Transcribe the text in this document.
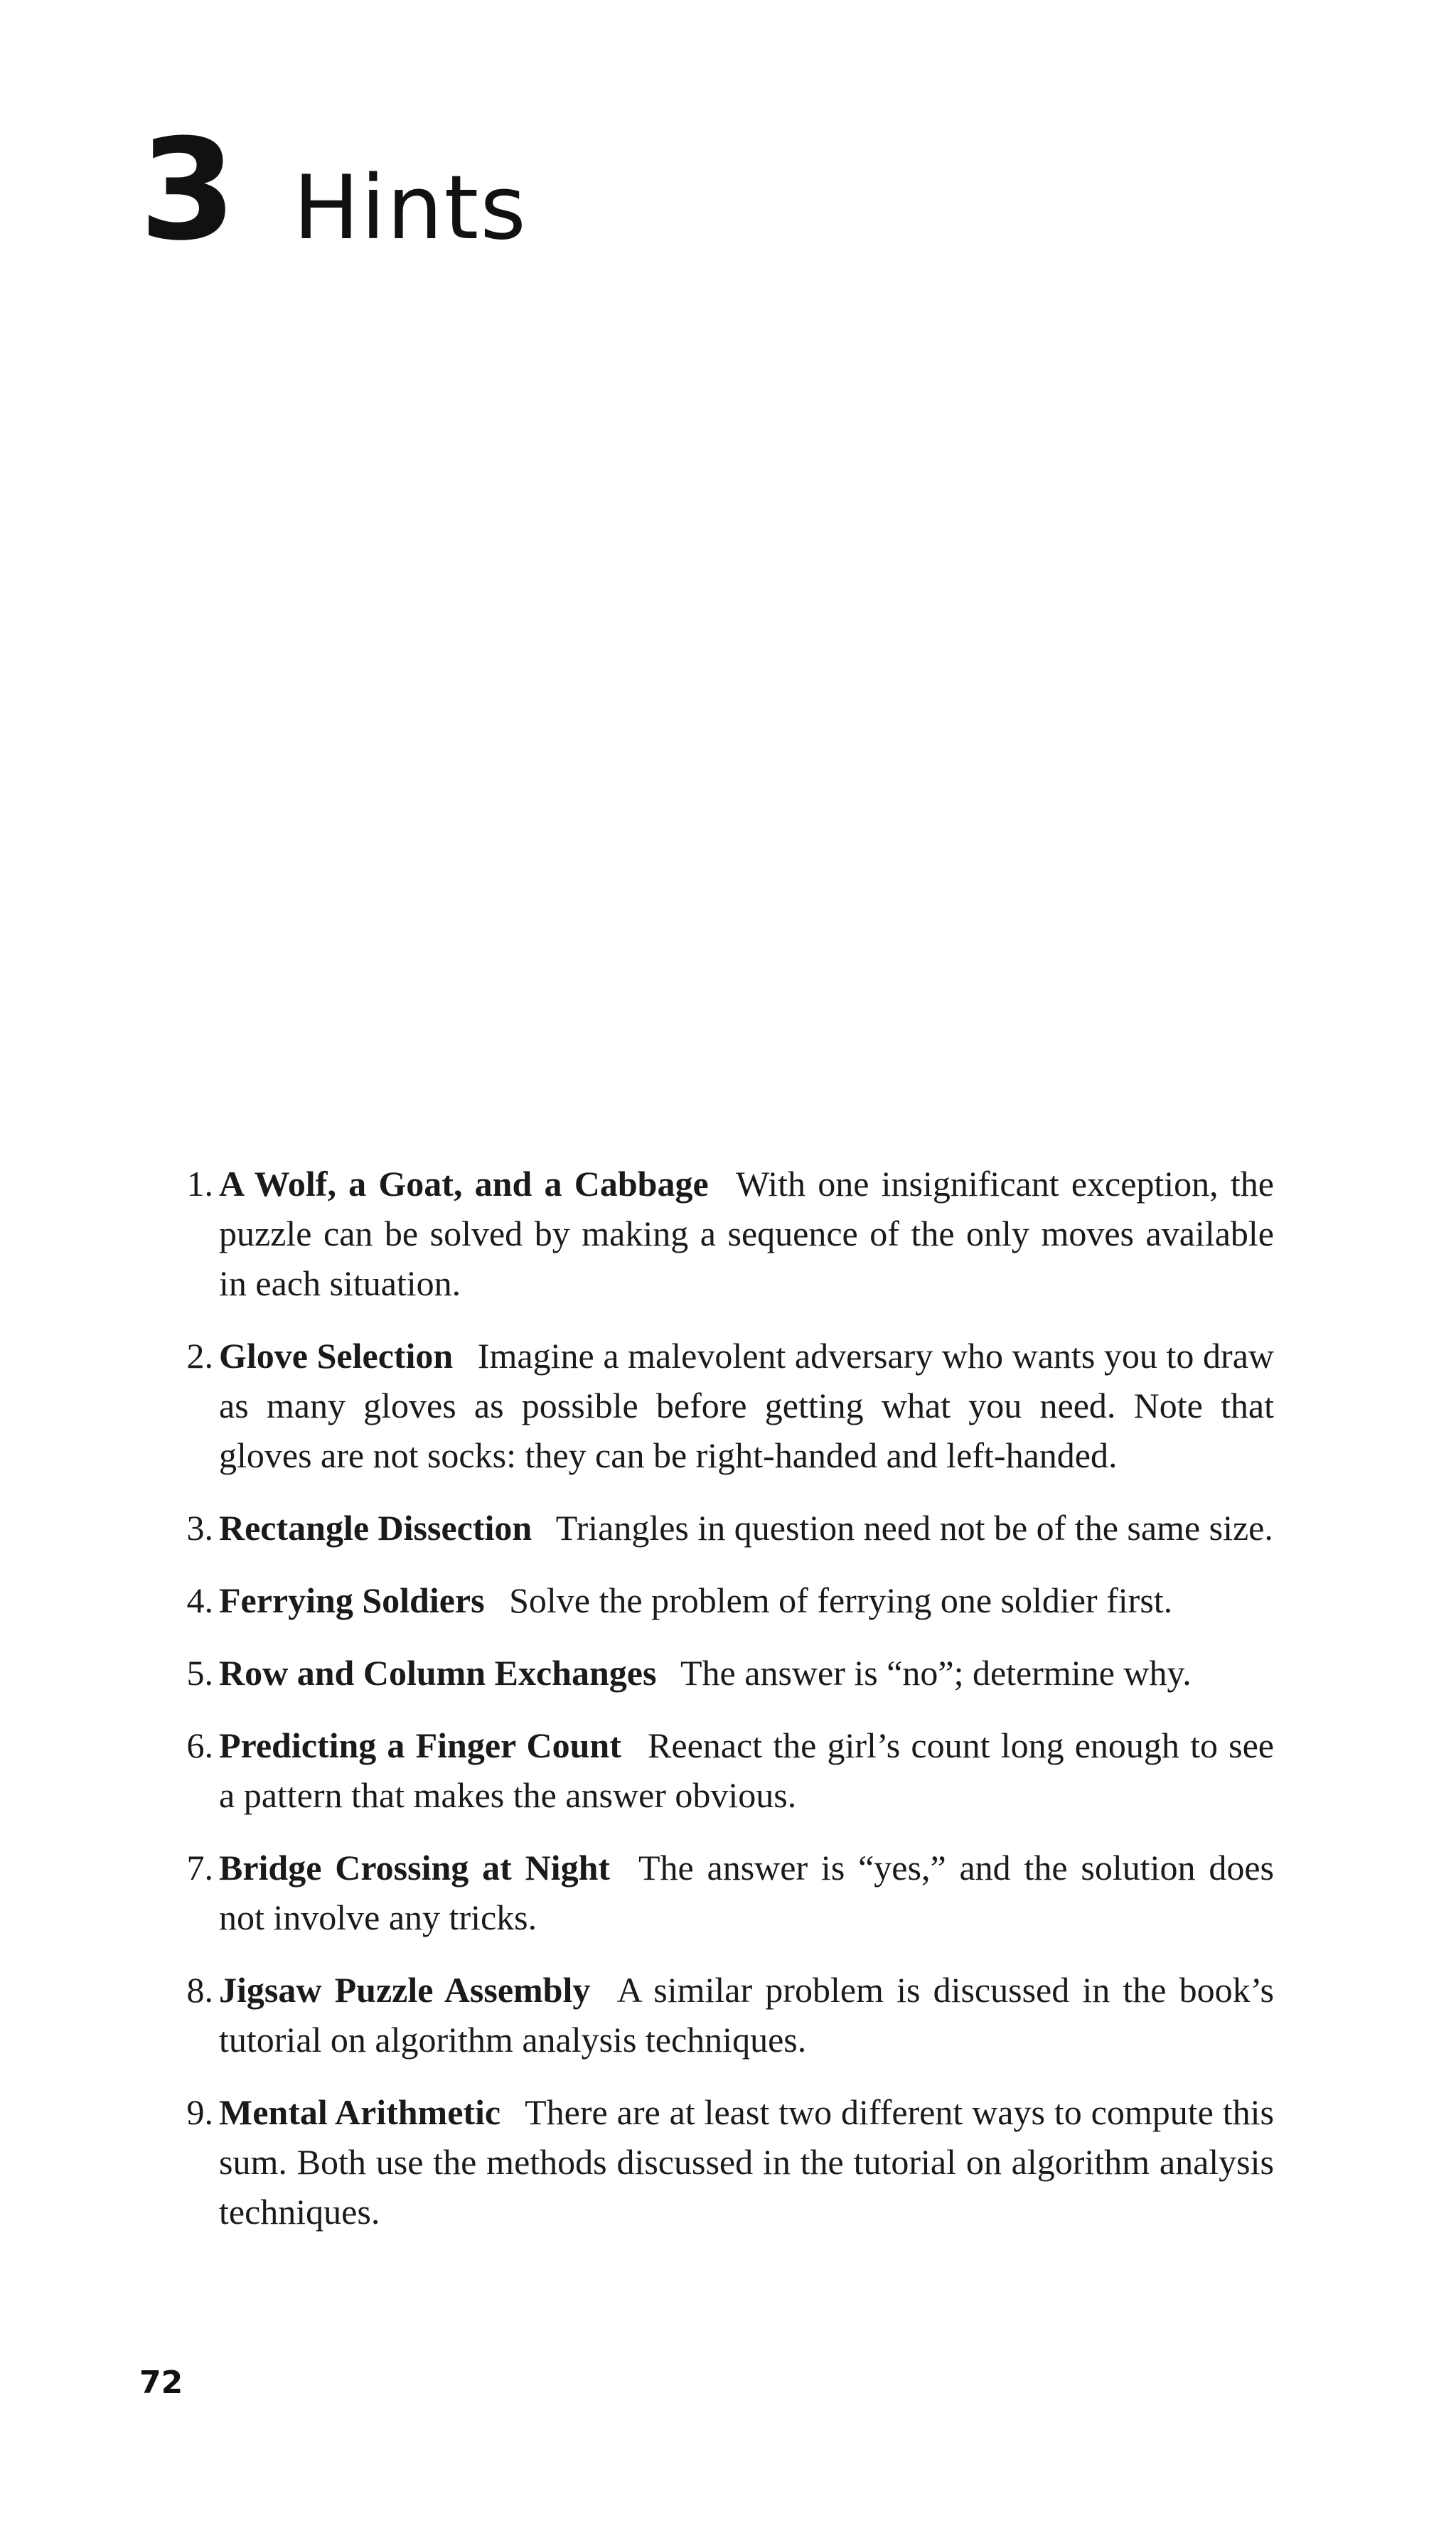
3 Hints
1. A Wolf, a Goat, and a Cabbage With one insignificant exception, the puzzle can be solved by making a sequence of the only moves available in each situation.
2. Glove Selection Imagine a malevolent adversary who wants you to draw as many gloves as possible before getting what you need. Note that gloves are not socks: they can be right-handed and left-handed.
3. Rectangle Dissection Triangles in question need not be of the same size.
4. Ferrying Soldiers Solve the problem of ferrying one soldier first.
5. Row and Column Exchanges The answer is “no”; determine why.
6. Predicting a Finger Count Reenact the girl’s count long enough to see a pattern that makes the answer obvious.
7. Bridge Crossing at Night The answer is “yes,” and the solution does not involve any tricks.
8. Jigsaw Puzzle Assembly A similar problem is discussed in the book’s tutorial on algorithm analysis techniques.
9. Mental Arithmetic There are at least two different ways to compute this sum. Both use the methods discussed in the tutorial on algorithm analysis techniques.
72
